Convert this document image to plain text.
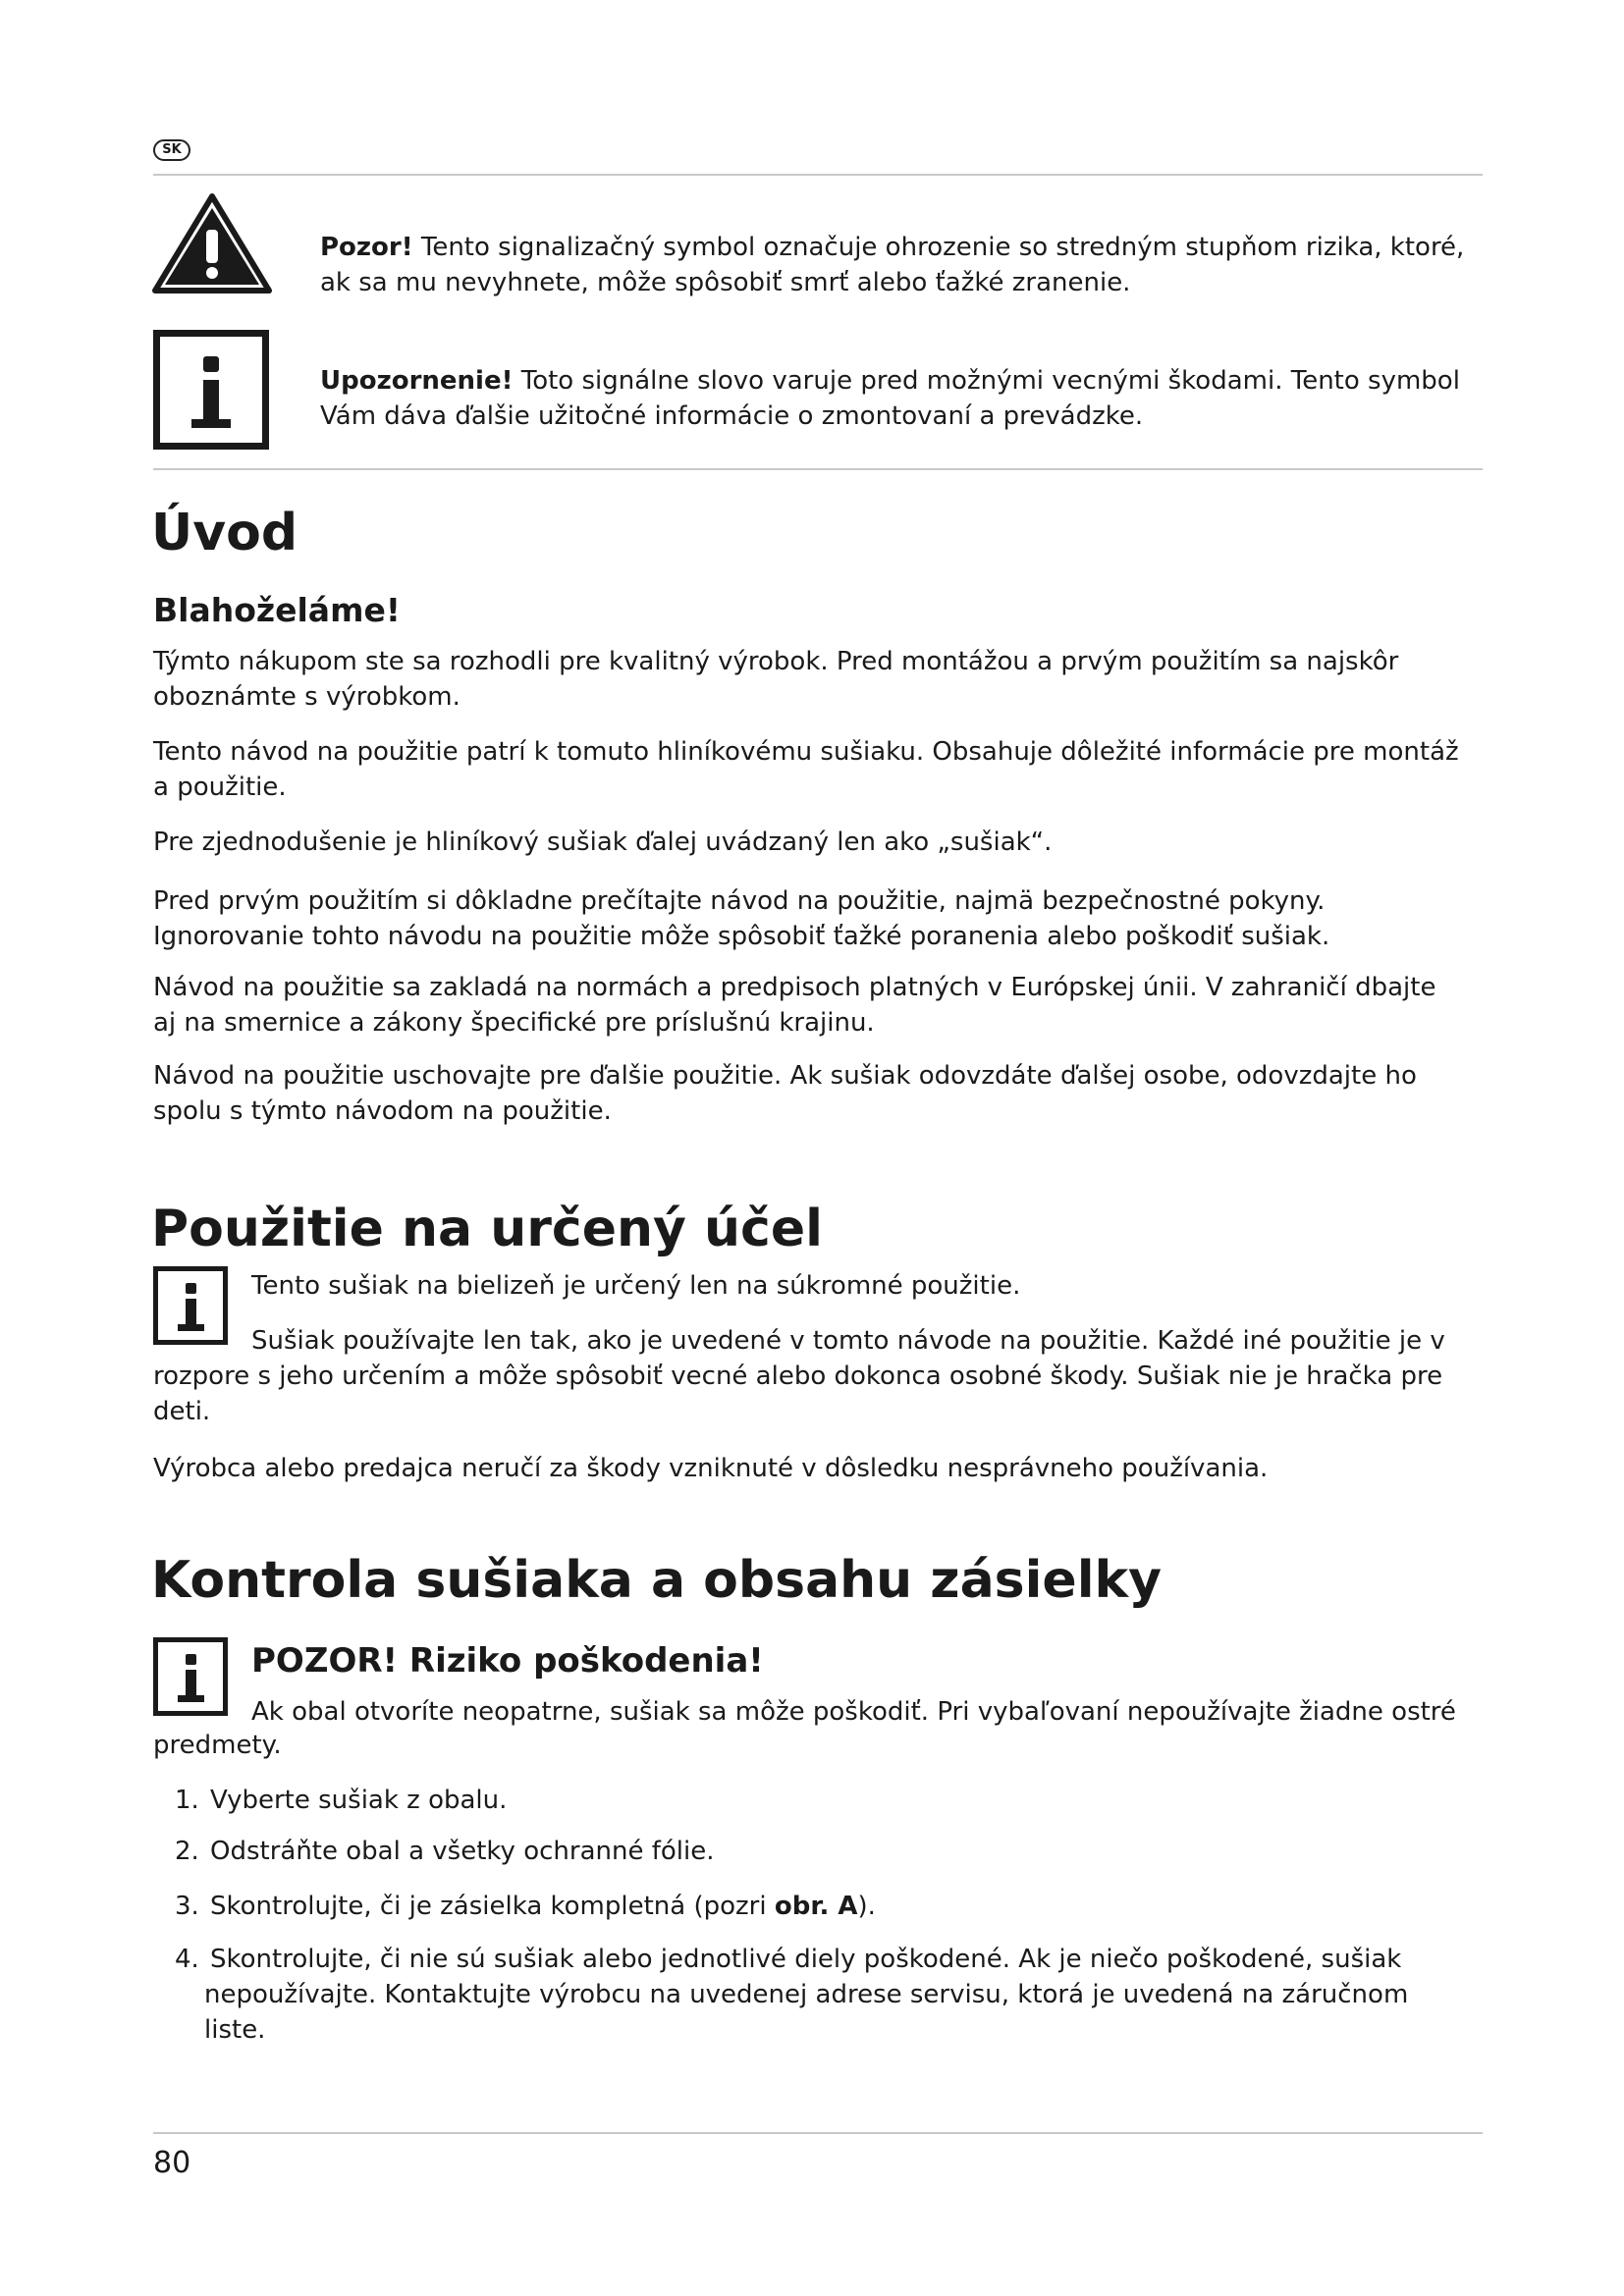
SK
Pozor! Tento signalizačný symbol označuje ohrozenie so stredným stupňom rizika, ktoré,
ak sa mu nevyhnete, môže spôsobiť smrť alebo ťažké zranenie.
Upozornenie! Toto signálne slovo varuje pred možnými vecnými škodami. Tento symbol
Vám dáva ďalšie užitočné informácie o zmontovaní a prevádzke.
Úvod
Blahoželáme!
Týmto nákupom ste sa rozhodli pre kvalitný výrobok. Pred montážou a prvým použitím sa najskôr
oboznámte s výrobkom.
Tento návod na použitie patrí k tomuto hliníkovému sušiaku. Obsahuje dôležité informácie pre montáž
a použitie.
Pre zjednodušenie je hliníkový sušiak ďalej uvádzaný len ako „sušiak“.
Pred prvým použitím si dôkladne prečítajte návod na použitie, najmä bezpečnostné pokyny.
Ignorovanie tohto návodu na použitie môže spôsobiť ťažké poranenia alebo poškodiť sušiak.
Návod na použitie sa zakladá na normách a predpisoch platných v Európskej únii. V zahraničí dbajte
aj na smernice a zákony špecifické pre príslušnú krajinu.
Návod na použitie uschovajte pre ďalšie použitie. Ak sušiak odovzdáte ďalšej osobe, odovzdajte ho
spolu s týmto návodom na použitie.
Použitie na určený účel
Tento sušiak na bielizeň je určený len na súkromné použitie.
Sušiak používajte len tak, ako je uvedené v tomto návode na použitie. Každé iné použitie je v
rozpore s jeho určením a môže spôsobiť vecné alebo dokonca osobné škody. Sušiak nie je hračka pre
deti.
Výrobca alebo predajca neručí za škody vzniknuté v dôsledku nesprávneho používania.
Kontrola sušiaka a obsahu zásielky
POZOR! Riziko poškodenia!
Ak obal otvoríte neopatrne, sušiak sa môže poškodiť. Pri vybaľovaní nepoužívajte žiadne ostré
predmety.
1. Vyberte sušiak z obalu.
2. Odstráňte obal a všetky ochranné fólie.
3. Skontrolujte, či je zásielka kompletná (pozri obr. A).
4. Skontrolujte, či nie sú sušiak alebo jednotlivé diely poškodené. Ak je niečo poškodené, sušiak
nepoužívajte. Kontaktujte výrobcu na uvedenej adrese servisu, ktorá je uvedená na záručnom
liste.
80
